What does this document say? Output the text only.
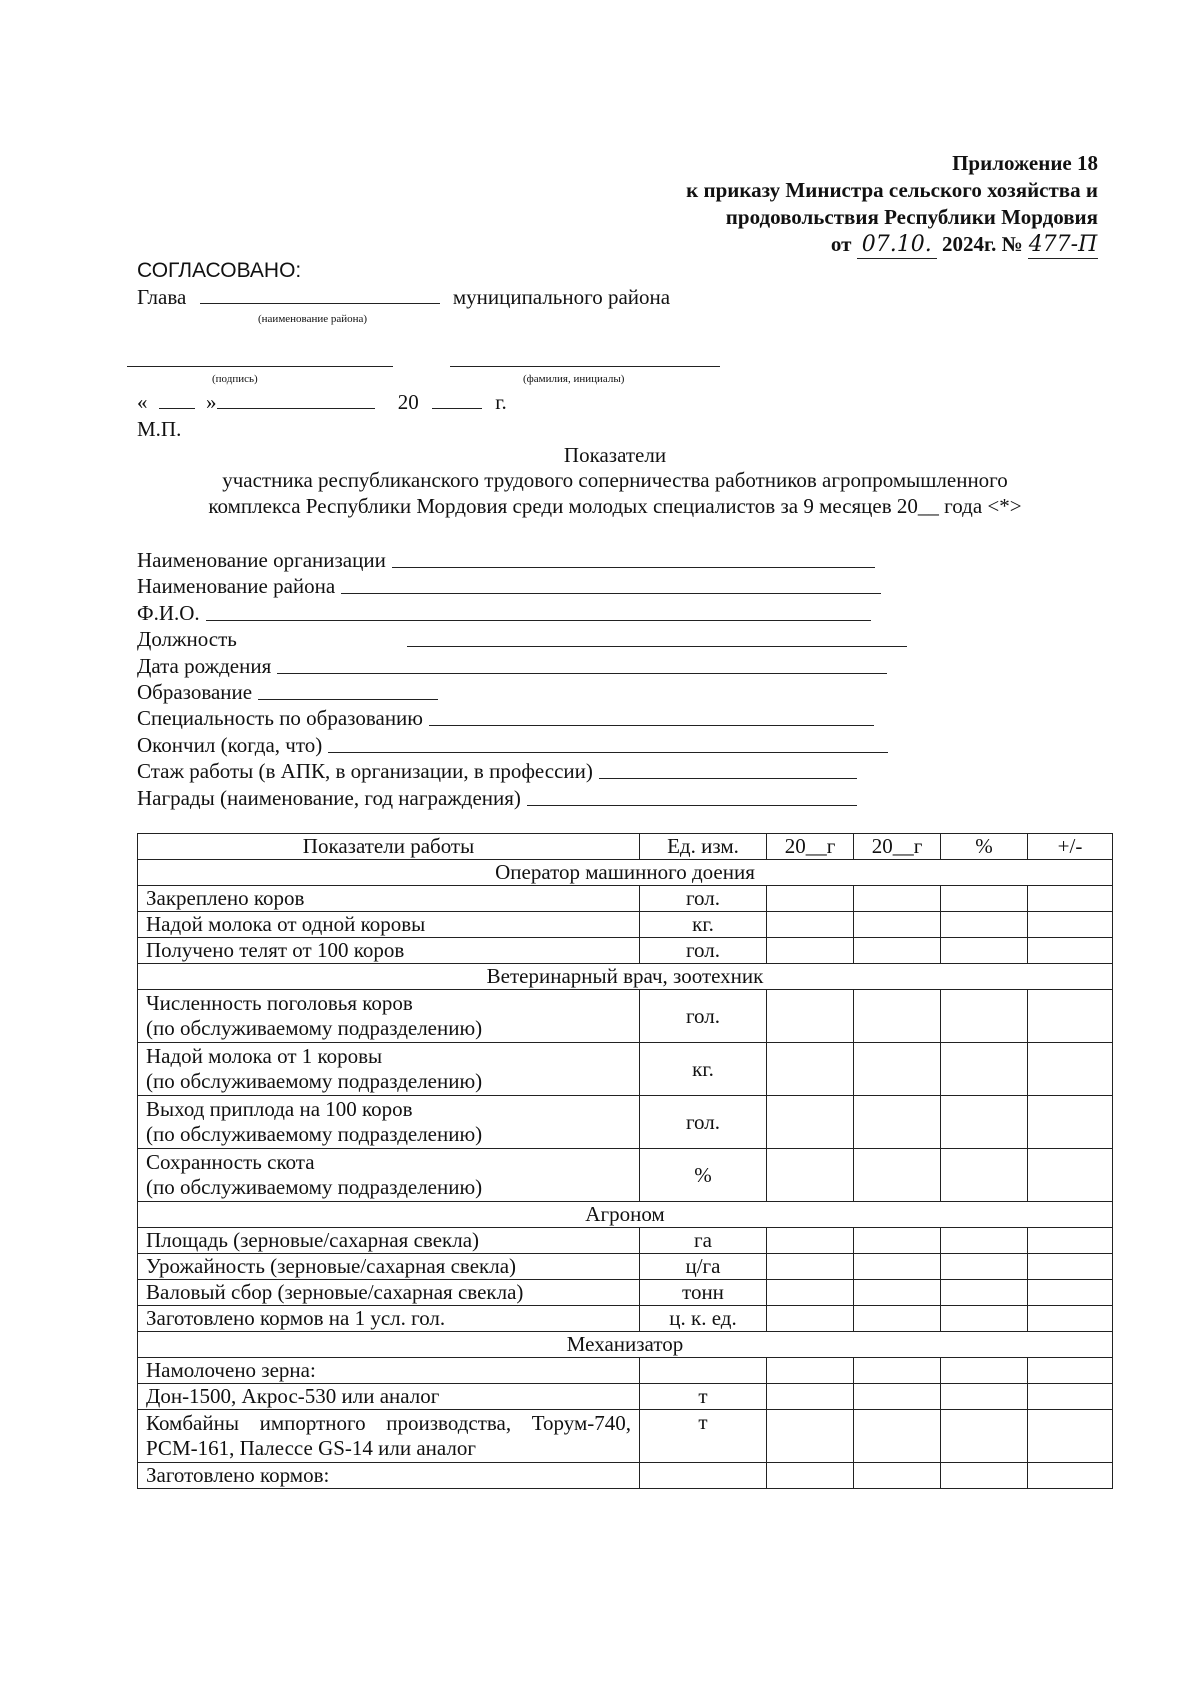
Приложение 18
к приказу Министра сельского хозяйства и
продовольствия Республики Мордовия
от 07.10. 2024г. № 477-П
СОГЛАСОВАНО:
Глава	муниципального района
(наименование района)
(подпись)	(фамилия, инициалы)
«	»	20	г.
М.П.
Показатели
участника республиканского трудового соперничества работников агропромышленного
комплекса Республики Мордовия среди молодых специалистов за 9 месяцев 20__ года <*>
Наименование организации
Наименование района
Ф.И.О.
Должность
Дата рождения
Образование
Специальность по образованию
Окончил (когда, что)
Стаж работы (в АПК, в организации, в профессии)
Награды (наименование, год награждения)
Показатели работы	Ед. изм.	20__г	20__г	%	+/-
Оператор машинного доения					
Закреплено коров	гол.				
Надой молока от одной коровы	кг.				
Получено телят от 100 коров	гол.				
Ветеринарный врач, зоотехник					

Численность поголовья коров
(по обслуживаемому подразделению)	гол.				

Надой молока от 1 коровы
(по обслуживаемому подразделению)	кг.				

Выход приплода на 100 коров
(по обслуживаемому подразделению)	гол.				

Сохранность скота
(по обслуживаемому подразделению)	%				
Агроном					
Площадь (зерновые/сахарная свекла)	га				
Урожайность (зерновые/сахарная свекла)	ц/га				
Валовый сбор (зерновые/сахарная свекла)	тонн				
Заготовлено кормов на 1 усл. гол.	ц. к. ед.				
Механизатор					
Намолочено зерна:					
Дон-1500, Акрос-530 или аналог	т				
Комбайны импортного производства, Торум-740, РСМ-161, Палессе GS-14 или аналог	т				
Заготовлено кормов:					
